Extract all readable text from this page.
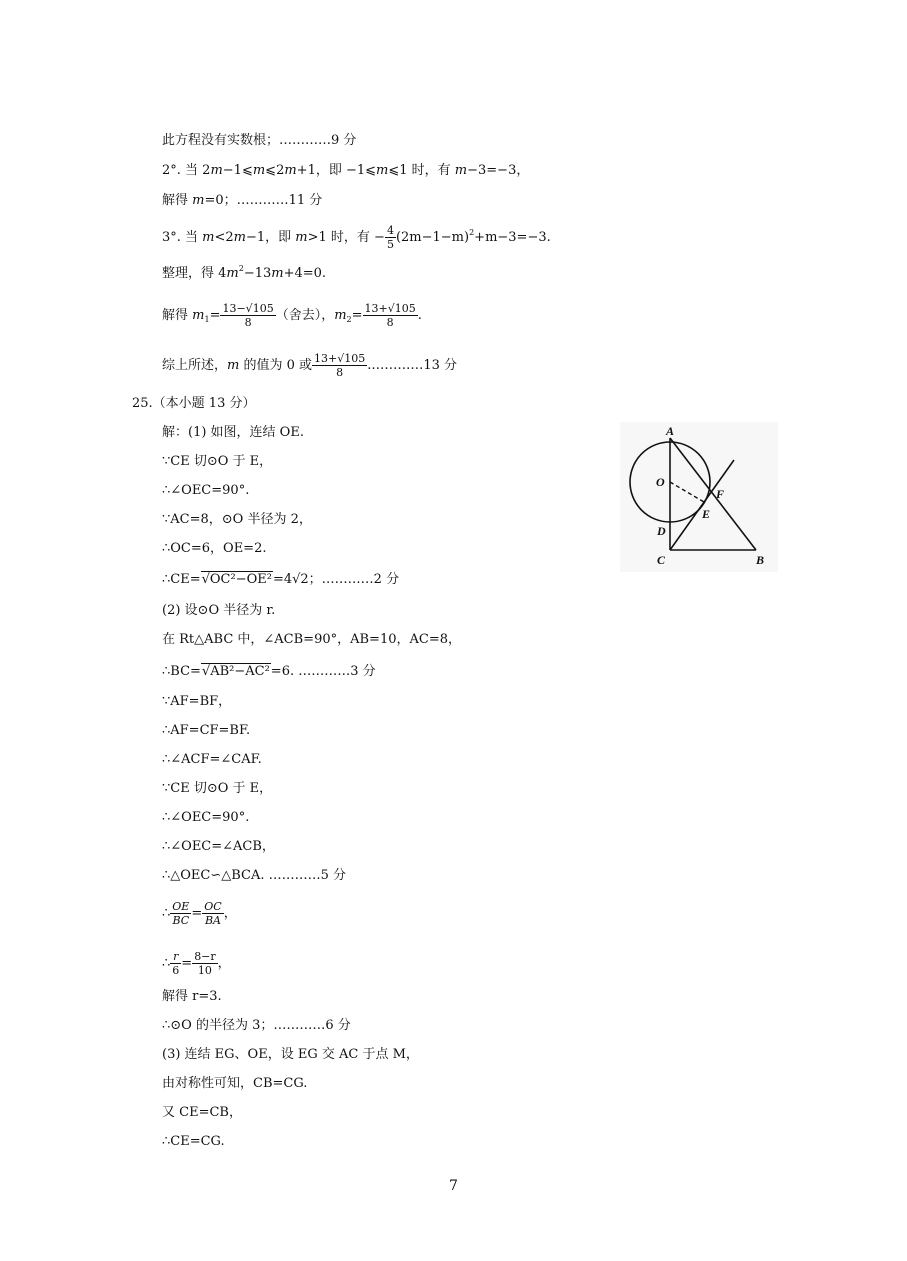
此方程没有实数根；…………9 分
2°. 当 2m−1⩽m⩽2m+1，即 −1⩽m⩽1 时，有 m−3=−3，
解得 m=0；…………11 分
3°. 当 m<2m−1，即 m>1 时，有 − $\frac{4}{5} (2m-1-m)^2+m-3=-3$.
整理，得 $4m^2-13m+4=0$.
解得 $m_1= \frac{13-√105}{8}$ （舍去），$m_2= \frac{13+√105}{8}$ .
综上所述，m 的值为 0 或 $\frac{13+√105}{8}$ .…………13 分
25.（本小题 13 分）
解：(1) 如图，连结 OE.
∵CE 切⊙O 于 E，
∴∠OEC=90°.
∵AC=8，⊙O 半径为 2，
∴OC=6，OE=2.
∴CE=√OC²−OE²=4√2；…………2 分
(2) 设⊙O 半径为 r.
在 Rt△ABC 中，∠ACB=90°，AB=10，AC=8，
∴BC=√AB²−AC²=6. …………3 分
∵AF=BF，
∴AF=CF=BF.
∴∠ACF=∠CAF.
∵CE 切⊙O 于 E，
∴∠OEC=90°.
∴∠OEC=∠ACB，
∴△OEC∽△BCA. …………5 分
∴ $\frac{OE}{BC} = \frac{OC}{BA}$ ，
∴ $\frac{r}{6} = \frac{8-r}{10}$ ，
解得 r=3.
∴⊙O 的半径为 3；…………6 分
(3) 连结 EG、OE，设 EG 交 AC 于点 M，
由对称性可知，CB=CG.
又 CE=CB，
∴CE=CG.
A
O
F
E
D
C	B
7
